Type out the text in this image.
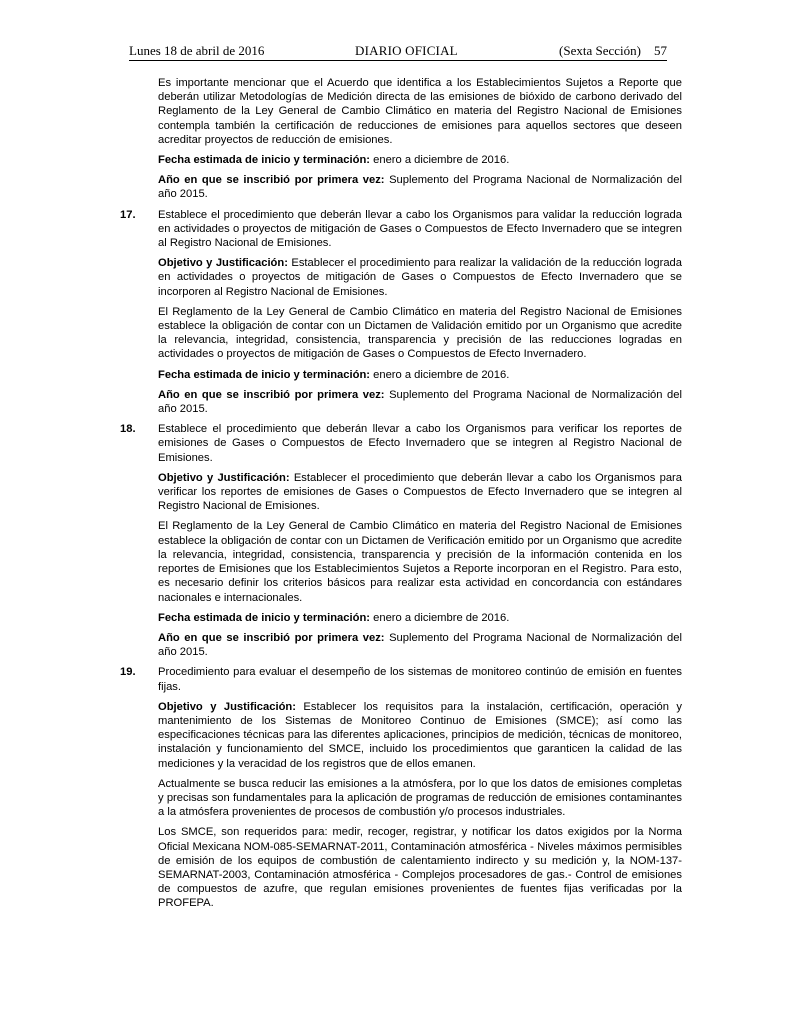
Lunes 18 de abril de 2016	DIARIO OFICIAL	(Sexta Sección) 57

Es importante mencionar que el Acuerdo que identifica a los Establecimientos Sujetos a Reporte que deberán utilizar Metodologías de Medición directa de las emisiones de bióxido de carbono derivado del Reglamento de la Ley General de Cambio Climático en materia del Registro Nacional de Emisiones contempla también la certificación de reducciones de emisiones para aquellos sectores que deseen acreditar proyectos de reducción de emisiones.

Fecha estimada de inicio y terminación: enero a diciembre de 2016.

Año en que se inscribió por primera vez: Suplemento del Programa Nacional de Normalización del año 2015.

17.	Establece el procedimiento que deberán llevar a cabo los Organismos para validar la reducción lograda en actividades o proyectos de mitigación de Gases o Compuestos de Efecto Invernadero que se integren al Registro Nacional de Emisiones.

Objetivo y Justificación: Establecer el procedimiento para realizar la validación de la reducción lograda en actividades o proyectos de mitigación de Gases o Compuestos de Efecto Invernadero que se incorporen al Registro Nacional de Emisiones.

El Reglamento de la Ley General de Cambio Climático en materia del Registro Nacional de Emisiones establece la obligación de contar con un Dictamen de Validación emitido por un Organismo que acredite la relevancia, integridad, consistencia, transparencia y precisión de las reducciones logradas en actividades o proyectos de mitigación de Gases o Compuestos de Efecto Invernadero.

Fecha estimada de inicio y terminación: enero a diciembre de 2016.

Año en que se inscribió por primera vez: Suplemento del Programa Nacional de Normalización del año 2015.

18.	Establece el procedimiento que deberán llevar a cabo los Organismos para verificar los reportes de emisiones de Gases o Compuestos de Efecto Invernadero que se integren al Registro Nacional de Emisiones.

Objetivo y Justificación: Establecer el procedimiento que deberán llevar a cabo los Organismos para verificar los reportes de emisiones de Gases o Compuestos de Efecto Invernadero que se integren al Registro Nacional de Emisiones.

El Reglamento de la Ley General de Cambio Climático en materia del Registro Nacional de Emisiones establece la obligación de contar con un Dictamen de Verificación emitido por un Organismo que acredite la relevancia, integridad, consistencia, transparencia y precisión de la información contenida en los reportes de Emisiones que los Establecimientos Sujetos a Reporte incorporan en el Registro. Para esto, es necesario definir los criterios básicos para realizar esta actividad en concordancia con estándares nacionales e internacionales.

Fecha estimada de inicio y terminación: enero a diciembre de 2016.

Año en que se inscribió por primera vez: Suplemento del Programa Nacional de Normalización del año 2015.

19.	Procedimiento para evaluar el desempeño de los sistemas de monitoreo continúo de emisión en fuentes fijas.

Objetivo y Justificación: Establecer los requisitos para la instalación, certificación, operación y mantenimiento de los Sistemas de Monitoreo Continuo de Emisiones (SMCE); así como las especificaciones técnicas para las diferentes aplicaciones, principios de medición, técnicas de monitoreo, instalación y funcionamiento del SMCE, incluido los procedimientos que garanticen la calidad de las mediciones y la veracidad de los registros que de ellos emanen.

Actualmente se busca reducir las emisiones a la atmósfera, por lo que los datos de emisiones completas y precisas son fundamentales para la aplicación de programas de reducción de emisiones contaminantes a la atmósfera provenientes de procesos de combustión y/o procesos industriales.

Los SMCE, son requeridos para: medir, recoger, registrar, y notificar los datos exigidos por la Norma Oficial Mexicana NOM-085-SEMARNAT-2011, Contaminación atmosférica - Niveles máximos permisibles de emisión de los equipos de combustión de calentamiento indirecto y su medición y, la NOM-137-SEMARNAT-2003, Contaminación atmosférica - Complejos procesadores de gas.- Control de emisiones de compuestos de azufre, que regulan emisiones provenientes de fuentes fijas verificadas por la PROFEPA.
